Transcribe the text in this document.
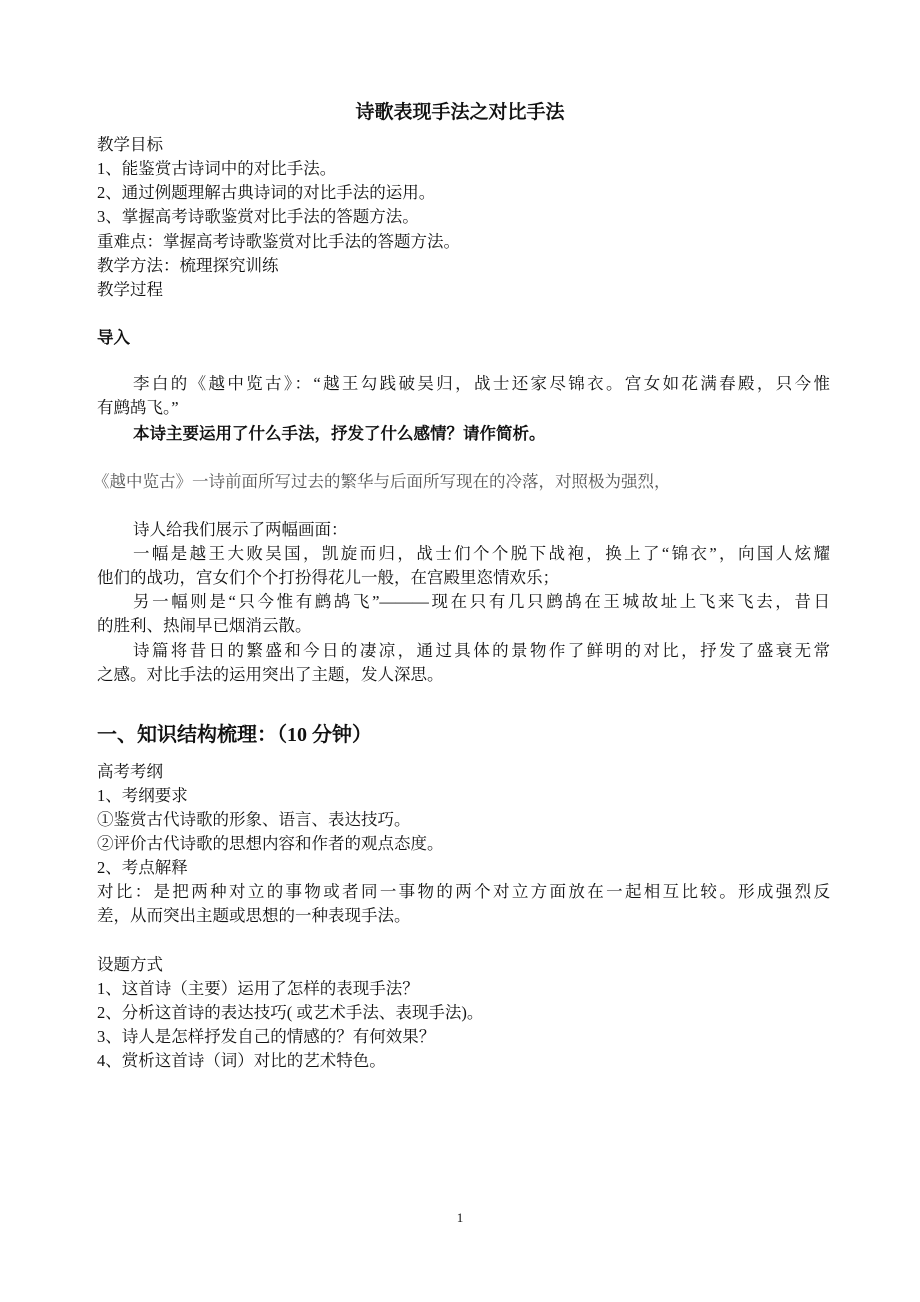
诗歌表现手法之对比手法
教学目标
1、能鉴赏古诗词中的对比手法。
2、通过例题理解古典诗词的对比手法的运用。
3、掌握高考诗歌鉴赏对比手法的答题方法。
重难点：掌握高考诗歌鉴赏对比手法的答题方法。
教学方法：梳理探究训练
教学过程
导入
李白的《越中览古》：“越王勾践破吴归，战士还家尽锦衣。宫女如花满春殿，只今惟
有鹧鸪飞。”
本诗主要运用了什么手法，抒发了什么感情？请作简析。
《越中览古》一诗前面所写过去的繁华与后面所写现在的冷落，对照极为强烈，
诗人给我们展示了两幅画面：
一幅是越王大败吴国，凯旋而归，战士们个个脱下战袍，换上了“锦衣”，向国人炫耀
他们的战功，宫女们个个打扮得花儿一般，在宫殿里恣情欢乐；
另一幅则是“只今惟有鹧鸪飞”———现在只有几只鹧鸪在王城故址上飞来飞去，昔日
的胜利、热闹早已烟消云散。
诗篇将昔日的繁盛和今日的凄凉，通过具体的景物作了鲜明的对比，抒发了盛衰无常
之感。对比手法的运用突出了主题，发人深思。
一、知识结构梳理：（10 分钟）
高考考纲
1、考纲要求
①鉴赏古代诗歌的形象、语言、表达技巧。
②评价古代诗歌的思想内容和作者的观点态度。
2、考点解释
对比：是把两种对立的事物或者同一事物的两个对立方面放在一起相互比较。形成强烈反
差，从而突出主题或思想的一种表现手法。
设题方式
1、这首诗（主要）运用了怎样的表现手法？
2、分析这首诗的表达技巧( 或艺术手法、表现手法)。
3、诗人是怎样抒发自己的情感的？有何效果？
4、赏析这首诗（词）对比的艺术特色。
1
